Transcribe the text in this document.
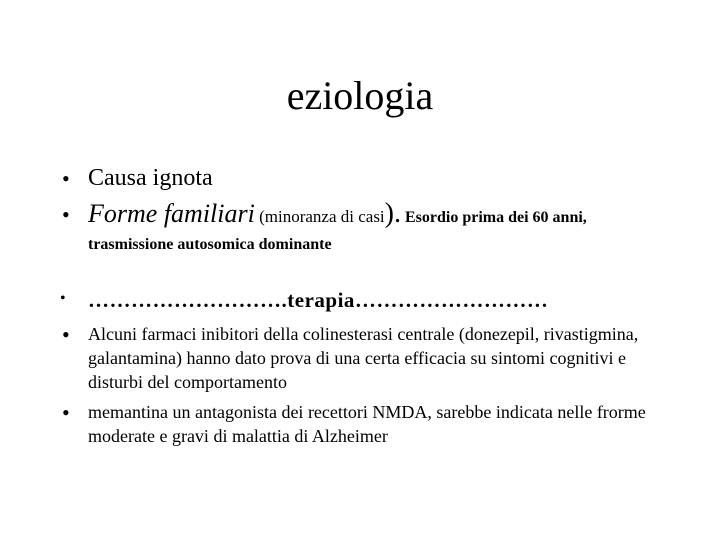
eziologia
• Causa ignota
• Forme familiari (minoranza di casi). Esordio prima dei 60 anni,
trasmissione autosomica dominante
• ……………………….terapia………………………
• Alcuni farmaci inibitori della colinesterasi centrale (donezepil, rivastigmina, galantamina) hanno dato prova di una certa efficacia su sintomi cognitivi e disturbi del comportamento
• memantina un antagonista dei recettori NMDA, sarebbe indicata nelle frorme moderate e gravi di malattia di Alzheimer
